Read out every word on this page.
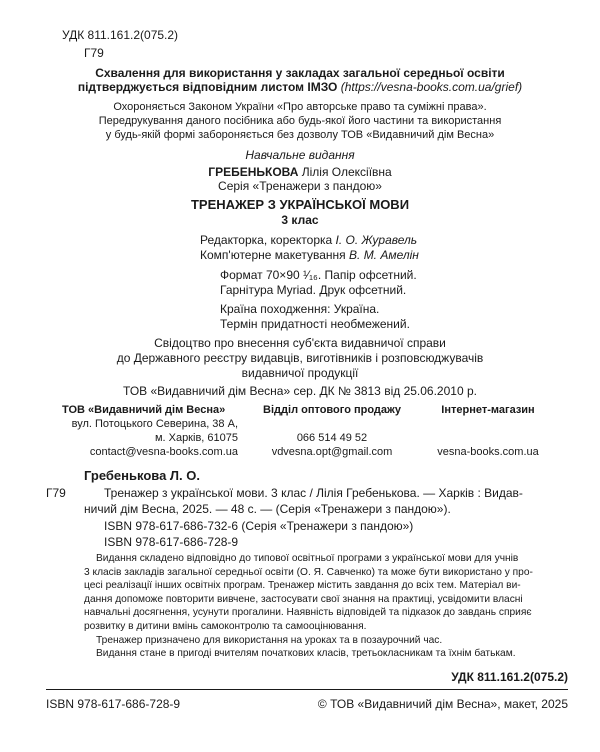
УДК 811.161.2(075.2)
Г79
Схвалення для використання у закладах загальної середньої освіти
підтверджується відповідним листом ІМЗО (https://vesna-books.com.ua/grief)
Охороняється Законом України «Про авторське право та суміжні права».
Передрукування даного посібника або будь-якої його частини та використання
у будь-якій формі забороняється без дозволу ТОВ «Видавничий дім Весна»
Навчальне видання
ГРЕБЕНЬКОВА Лілія Олексіївна
Серія «Тренажери з пандою»
ТРЕНАЖЕР З УКРАЇНСЬКОЇ МОВИ
3 клас
Редакторка, коректорка І. О. Журавель
Комп'ютерне макетування В. М. Амелін
Формат 70×90 ¹⁄₁₆. Папір офсетний.
Гарнітура Myriad. Друк офсетний.
Країна походження: Україна.
Термін придатності необмежений.
Свідоцтво про внесення суб'єкта видавничої справи
до Державного реєстру видавців, виготівників і розповсюджувачів
видавничої продукції
ТОВ «Видавничий дім Весна» сер. ДК № 3813 від 25.06.2010 р.
ТОВ «Видавничий дім Весна»
вул. Потоцького Северина, 38 А,
м. Харків, 61075
contact@vesna-books.com.ua
Відділ оптового продажу
066 514 49 52
vdvesna.opt@gmail.com
Інтернет-магазин
vesna-books.com.ua
Гребенькова Л. О.
Г79	Тренажер з української мови. 3 клас / Лілія Гребенькова. — Харків : Видав-
ничий дім Весна, 2025. — 48 с. — (Серія «Тренажери з пандою»).
ISBN 978-617-686-732-6 (Серія «Тренажери з пандою»)
ISBN 978-617-686-728-9
Видання складено відповідно до типової освітньої програми з української мови для учнів
3 класів закладів загальної середньої освіти (О. Я. Савченко) та може бути використано у про-
цесі реалізації інших освітніх програм. Тренажер містить завдання до всіх тем. Матеріал ви-
дання допоможе повторити вивчене, застосувати свої знання на практиці, усвідомити власні
навчальні досягнення, усунути прогалини. Наявність відповідей та підказок до завдань сприяє
розвитку в дитини вмінь самоконтролю та самооцінювання.
Тренажер призначено для використання на уроках та в позаурочний час.
Видання стане в пригоді вчителям початкових класів, третьокласникам та їхнім батькам.
УДК 811.161.2(075.2)
ISBN 978-617-686-728-9	© ТОВ «Видавничий дім Весна», макет, 2025
